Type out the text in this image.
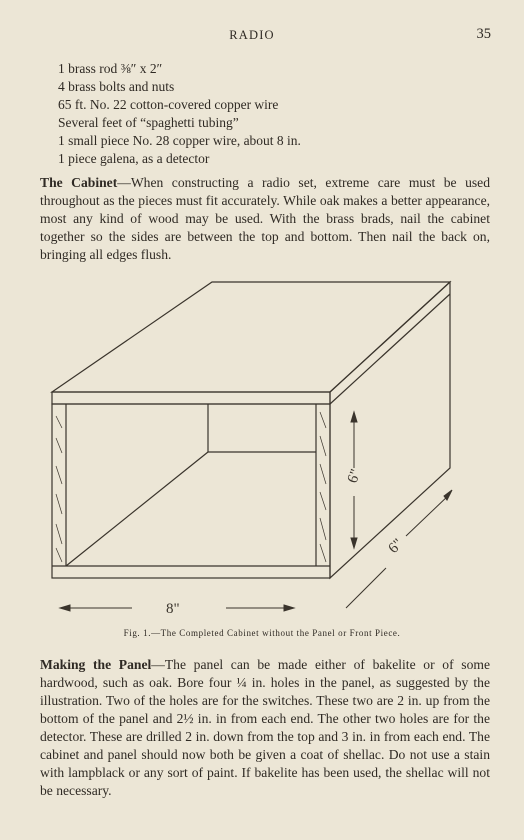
RADIO	35
1 brass rod ⅜″ x 2″
4 brass bolts and nuts
65 ft. No. 22 cotton-covered copper wire
Several feet of “spaghetti tubing”
1 small piece No. 28 copper wire, about 8 in.
1 piece galena, as a detector

The Cabinet—When constructing a radio set, extreme care must be used throughout as the pieces must fit accurately. While oak makes a better appearance, most any kind of wood may be used. With the brass brads, nail the cabinet together so the sides are between the top and bottom. Then nail the back on, bringing all edges flush.

6"
6"
8"
Fig. 1.—The Completed Cabinet without the Panel or Front Piece.

Making the Panel—The panel can be made either of bakelite or of some hardwood, such as oak. Bore four ¼ in. holes in the panel, as suggested by the illustration. Two of the holes are for the switches. These two are 2 in. up from the bottom of the panel and 2½ in. in from each end. The other two holes are for the detector. These are drilled 2 in. down from the top and 3 in. in from each end. The cabinet and panel should now both be given a coat of shellac. Do not use a stain with lampblack or any sort of paint. If bakelite has been used, the shellac will not be necessary.
